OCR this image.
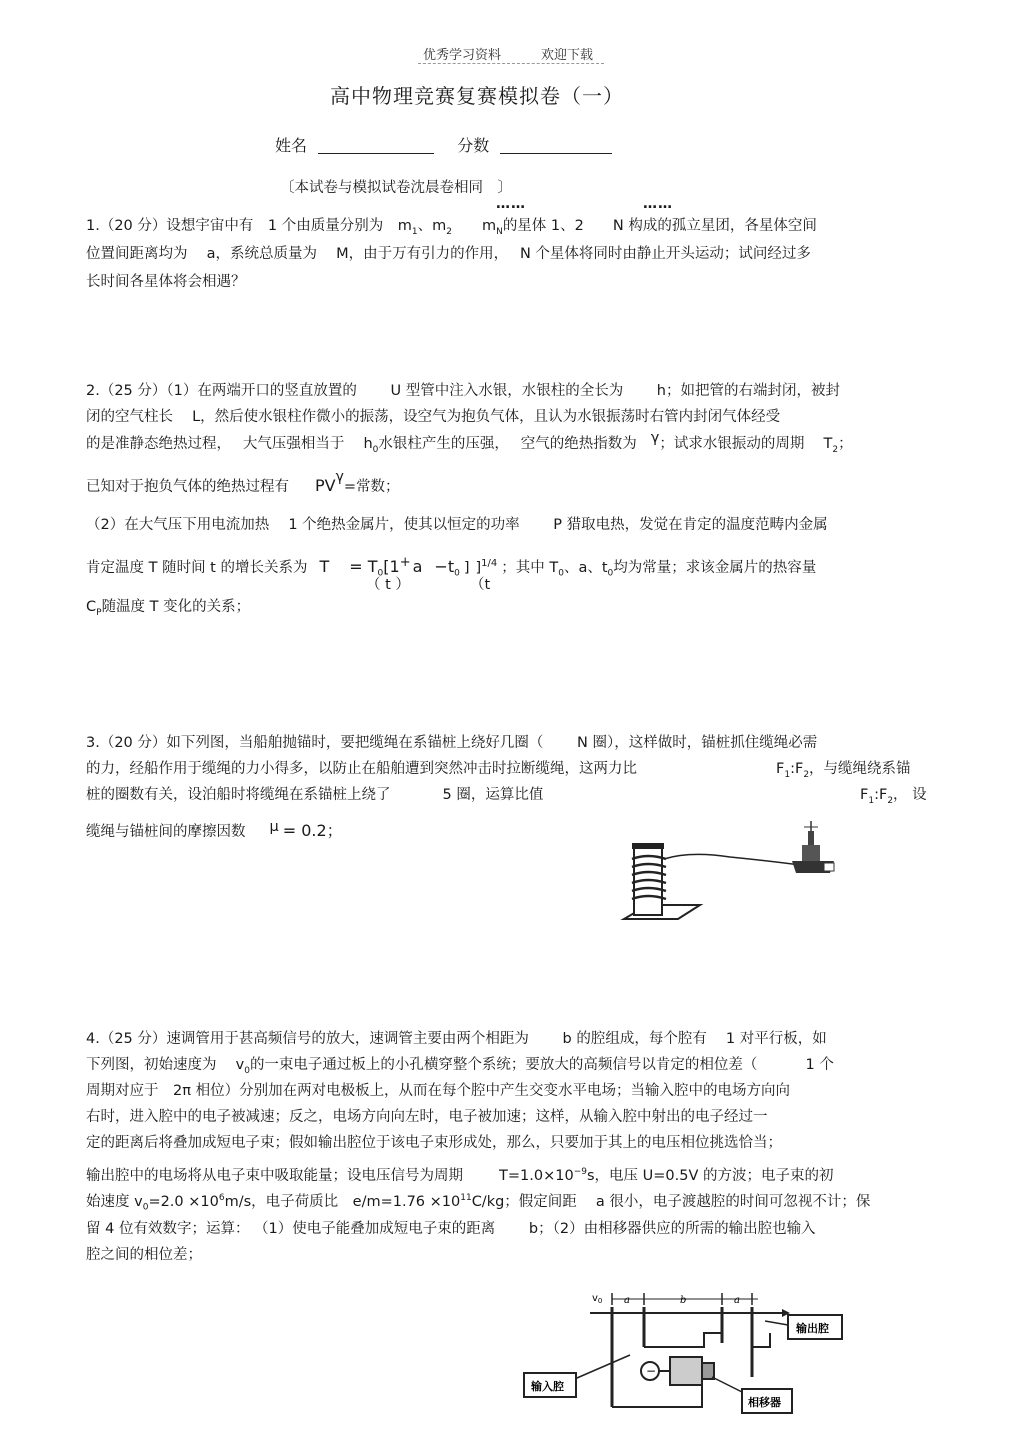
优秀学习资料	欢迎下载
高中物理竞赛复赛模拟卷（一）
姓名	分数
〔本试卷与模拟试卷沈晨卷相同　〕
……	……
1.（20 分）设想宇宙中有　1 个由质量分别为　$m_1$、$m_2$ $m_N$的星体 1、2　　N 构成的孤立星团，各星体空间
位置间距离均为　 a，系统总质量为　 M，由于万有引力的作用，　 N 个星体将同时由静止开头运动；试问经过多
长时间各星体将会相遇？
2.（25 分）（1）在两端开口的竖直放置的　　 U 型管中注入水银，水银柱的全长为　　 h；如把管的右端封闭，被封
闭的空气柱长　 L，然后使水银柱作微小的振荡，设空气为抱负气体，且认为水银振荡时右管内封闭气体经受
的是准静态绝热过程，　 大气压强相当于　 $h_0$水银柱产生的压强，　 空气的绝热指数为 γ；试求水银振动的周期　 $T_2$；
已知对于抱负气体的绝热过程有 PVγ=常数；
（2）在大气压下用电流加热　 1 个绝热金属片，使其以恒定的功率　　 P 猎取电热，发觉在肯定的温度范畴内金属
肯定温度 T 随时间 t 的增长关系为 $T = T_0[1^+$ $a -t_0$ ] ]$^{1/4}$ ；其中 $T_0$、a、$t_0$均为常量；求该金属片的热容量
（ t ）	（t
$C_P$随温度 T 变化的关系；
3.（20 分）如下列图，当船舶抛锚时，要把缆绳在系锚桩上绕好几圈（　　 N 圈），这样做时，锚桩抓住缆绳必需
的力，经船作用于缆绳的力小得多，以防止在船舶遭到突然冲击时拉断缆绳，这两力比	$F_1:F_2$，与缆绳绕系锚
桩的圈数有关，设泊船时将缆绳在系锚桩上绕了	5 圈，运算比值	$F_1:F_2$， 设
缆绳与锚桩间的摩擦因数 μ = 0.2；
4.（25 分）速调管用于甚高频信号的放大，速调管主要由两个相距为　　 b 的腔组成，每个腔有　 1 对平行板，如
下列图，初始速度为　 $v_0$的一束电子通过板上的小孔横穿整个系统；要放大的高频信号以肯定的相位差（　　　 1 个
周期对应于　2π 相位）分别加在两对电极板上，从而在每个腔中产生交变水平电场；当输入腔中的电场方向向
右时，进入腔中的电子被减速；反之，电场方向向左时，电子被加速；这样，从输入腔中射出的电子经过一
定的距离后将叠加成短电子束；假如输出腔位于该电子束形成处，那么，只要加于其上的电压相位挑选恰当；
输出腔中的电场将从电子束中吸取能量；设电压信号为周期 $T=1.0\times 10^{-9}s$，电压 U=0.5V 的方波；电子束的初
始速度 $v_0=2.0 \times 10^6m/s$，电子荷质比　$e/m=1.76 \times 10^{11}C/kg$；假定间距　 a 很小，电子渡越腔的时间可忽视不计；保
留 4 位有效数字；运算： （1）使电子能叠加成短电子束的距离　　 b；（2）由相移器供应的所需的输出腔也输入
腔之间的相位差；
$v_0$ a	b	a
−
输出腔
输入腔
相移器
